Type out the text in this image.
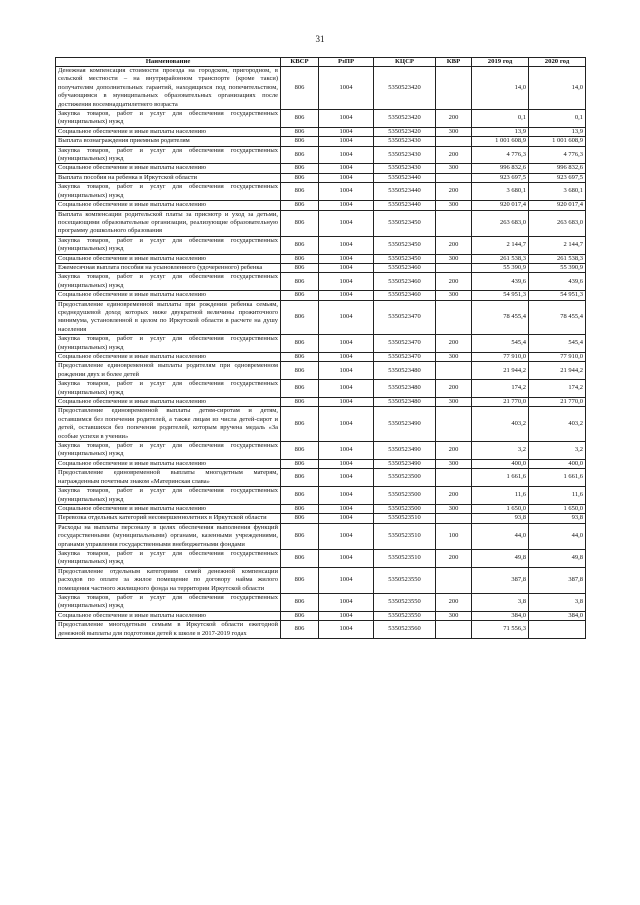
31
Наименование	КВСР	РзПР	КЦСР	КВР	2019 год	2020 год
Денежная компенсация стоимости проезда на городском, пригородном, в сельской местности – на внутрирайонном транспорте (кроме такси) получателям дополнительных гарантий, находящихся под попечительством, обучающимся в муниципальных образовательных организациях после достижения восемнадцатилетнего возраста	806	1004	5350523420		14,0	14,0
Закупка товаров, работ и услуг для обеспечения государственных (муниципальных) нужд	806	1004	5350523420	200	0,1	0,1
Социальное обеспечение и иные выплаты населению	806	1004	5350523420	300	13,9	13,9
Выплата вознаграждения приемным родителям	806	1004	5350523430		1 001 608,9	1 001 608,9
Закупка товаров, работ и услуг для обеспечения государственных (муниципальных) нужд	806	1004	5350523430	200	4 776,3	4 776,3
Социальное обеспечение и иные выплаты населению	806	1004	5350523430	300	996 832,6	996 832,6
Выплата пособия на ребенка в Иркутской области	806	1004	5350523440		923 697,5	923 697,5
Закупка товаров, работ и услуг для обеспечения государственных (муниципальных) нужд	806	1004	5350523440	200	3 680,1	3 680,1
Социальное обеспечение и иные выплаты населению	806	1004	5350523440	300	920 017,4	920 017,4
Выплата компенсации родительской платы за присмотр и уход за детьми, посещающими образовательные организации, реализующие образовательную программу дошкольного образования	806	1004	5350523450		263 683,0	263 683,0
Закупка товаров, работ и услуг для обеспечения государственных (муниципальных) нужд	806	1004	5350523450	200	2 144,7	2 144,7
Социальное обеспечение и иные выплаты населению	806	1004	5350523450	300	261 538,3	261 538,3
Ежемесячная выплата пособия на усыновленного (удочеренного) ребенка	806	1004	5350523460		55 390,9	55 390,9
Закупка товаров, работ и услуг для обеспечения государственных (муниципальных) нужд	806	1004	5350523460	200	439,6	439,6
Социальное обеспечение и иные выплаты населению	806	1004	5350523460	300	54 951,3	54 951,3
Предоставление единовременной выплаты при рождении ребенка семьям, среднедушевой доход которых ниже двукратной величины прожиточного минимума, установленной в целом по Иркутской области в расчете на душу населения	806	1004	5350523470		78 455,4	78 455,4
Закупка товаров, работ и услуг для обеспечения государственных (муниципальных) нужд	806	1004	5350523470	200	545,4	545,4
Социальное обеспечение и иные выплаты населению	806	1004	5350523470	300	77 910,0	77 910,0
Предоставление единовременной выплаты родителям при одновременном рождении двух и более детей	806	1004	5350523480		21 944,2	21 944,2
Закупка товаров, работ и услуг для обеспечения государственных (муниципальных) нужд	806	1004	5350523480	200	174,2	174,2
Социальное обеспечение и иные выплаты населению	806	1004	5350523480	300	21 770,0	21 770,0
Предоставление единовременной выплаты детям-сиротам и детям, оставшимся без попечения родителей, а также лицам из числа детей-сирот и детей, оставшихся без попечения родителей, которым вручена медаль «За особые успехи в учении»	806	1004	5350523490		403,2	403,2
Закупка товаров, работ и услуг для обеспечения государственных (муниципальных) нужд	806	1004	5350523490	200	3,2	3,2
Социальное обеспечение и иные выплаты населению	806	1004	5350523490	300	400,0	400,0
Предоставление единовременной выплаты многодетным матерям, награжденным почетным знаком «Материнская слава»	806	1004	5350523500		1 661,6	1 661,6
Закупка товаров, работ и услуг для обеспечения государственных (муниципальных) нужд	806	1004	5350523500	200	11,6	11,6
Социальное обеспечение и иные выплаты населению	806	1004	5350523500	300	1 650,0	1 650,0
Перевозка отдельных категорий несовершеннолетних в Иркутской области	806	1004	5350523510		93,8	93,8
Расходы на выплаты персоналу в целях обеспечения выполнения функций государственными (муниципальными) органами, казенными учреждениями, органами управления государственными внебюджетными фондами	806	1004	5350523510	100	44,0	44,0
Закупка товаров, работ и услуг для обеспечения государственных (муниципальных) нужд	806	1004	5350523510	200	49,8	49,8
Предоставление отдельным категориям семей денежной компенсации расходов по оплате за жилое помещение по договору найма жилого помещения частного жилищного фонда на территории Иркутской области	806	1004	5350523550		387,8	387,8
Закупка товаров, работ и услуг для обеспечения государственных (муниципальных) нужд	806	1004	5350523550	200	3,8	3,8
Социальное обеспечение и иные выплаты населению	806	1004	5350523550	300	384,0	384,0
Предоставление многодетным семьям в Иркутской области ежегодной денежной выплаты для подготовки детей к школе в 2017-2019 годах	806	1004	5350523560		71 556,3	
